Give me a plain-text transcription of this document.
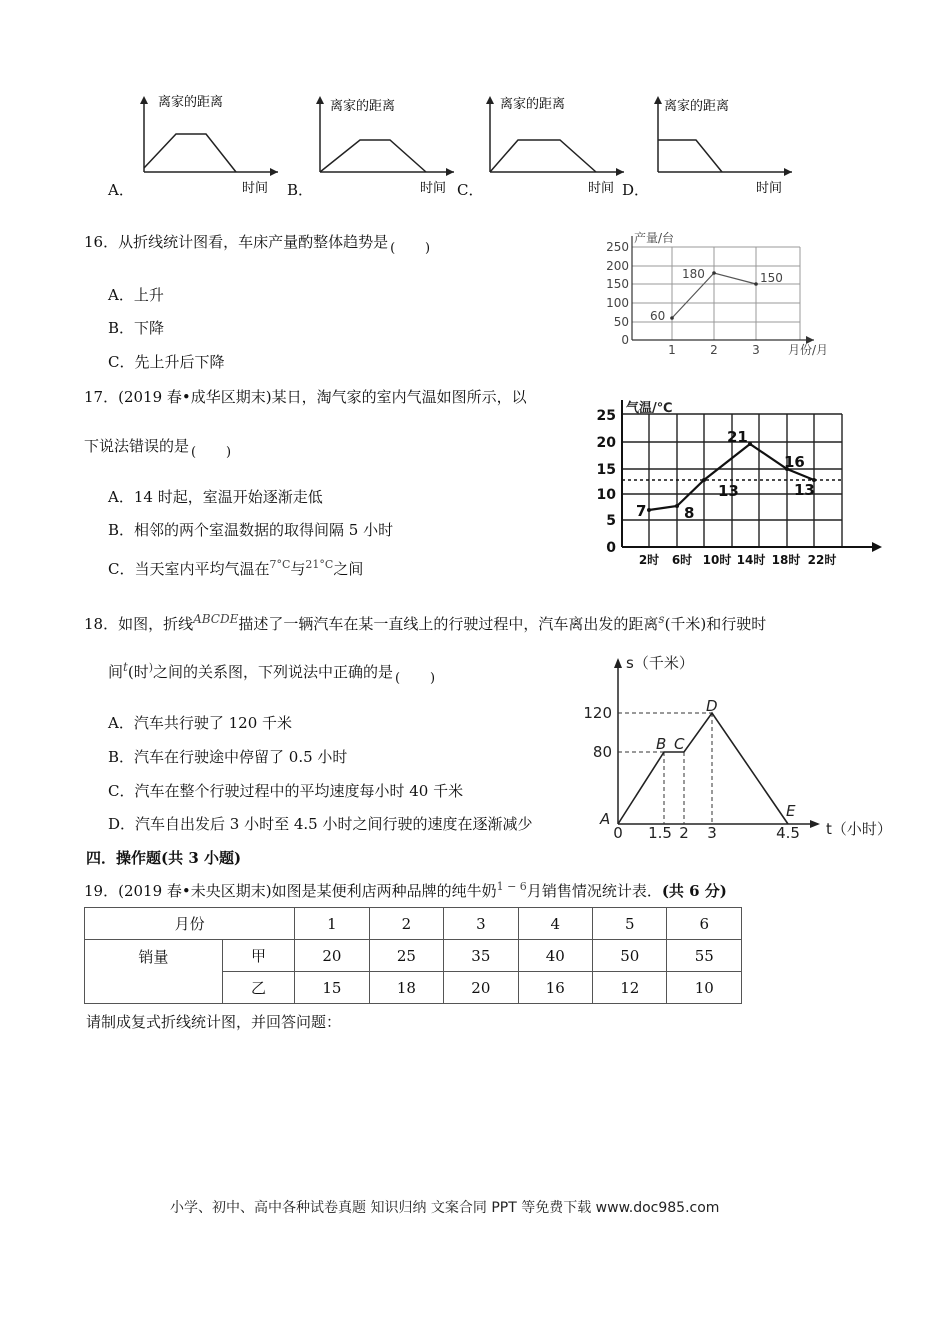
离家的距离
时间
A．
离家的距离
时间
B．
离家的距离
时间
C．
离家的距离
时间
D．
16．从折线统计图看，车床产量酌整体趋势是 ( )
A．上升
B．下降
C．先上升后下降
产量/台
月份/月
250
200
150
100
50
0
1	2	3
60
180	150
17．(2019 春•成华区期末)某日，淘气家的室内气温如图所示，以
下说法错误的是 ( )
A．14 时起，室温开始逐渐走低
B．相邻的两个室温数据的取得间隔 5 小时
C．当天室内平均气温在$^{7^\circ C}$与$^{21^\circ C}$之间
气温/℃
25
20
15
10
5
0
2时 6时 10时 14时 18时 22时
7	8
13
21
16
13
18．如图，折线$^{ABCDE}$描述了一辆汽车在某一直线上的行驶过程中，汽车离出发的距离$^s$(千米)和行驶时
间$^t$(时)之间的关系图，下列说法中正确的是 ( )
A．汽车共行驶了 120 千米
B．汽车在行驶途中停留了 0.5 小时
C．汽车在整个行驶过程中的平均速度每小时 40 千米
D．汽车自出发后 3 小时至 4.5 小时之间行驶的速度在逐渐减少
s（千米）
t（小时）
120
80
0 1.5 2 3	4.5
A
B C
D
E
四．操作题(共 3 小题)
19．(2019 春•未央区期末)如图是某便利店两种品牌的纯牛奶$^{1 - 6}$月销售情况统计表．(共 6 分)
月份		1	2	3	4	5	6
销量	甲	20	25	35	40	50	55
	乙	15	18	20	16	12	10
请制成复式折线统计图，并回答问题：
小学、初中、高中各种试卷真题 知识归纳 文案合同 PPT 等免费下载 www.doc985.com
